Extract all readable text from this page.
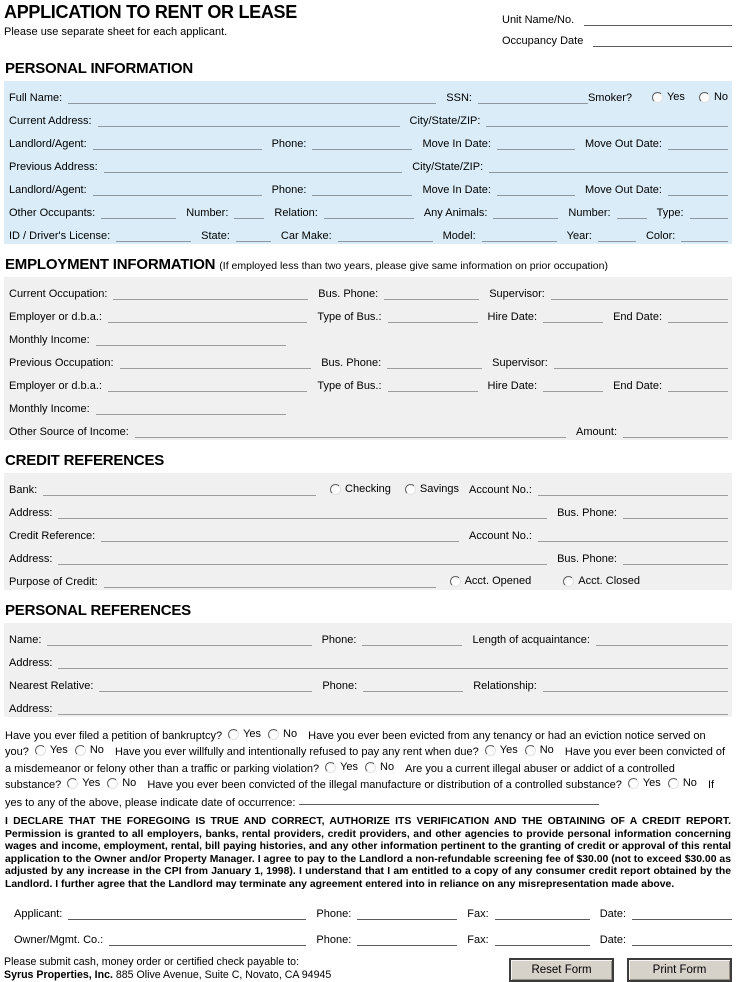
APPLICATION TO RENT OR LEASE

Please use separate sheet for each applicant.

Unit Name/No.
Occupancy Date
PERSONAL INFORMATION
Full Name:	SSN:	Smoker?	Yes	No
Current Address:	City/State/ZIP:
Landlord/Agent:	Phone:	Move In Date:	Move Out Date:
Previous Address:	City/State/ZIP:
Landlord/Agent:	Phone:	Move In Date:	Move Out Date:
Other Occupants:	Number:	Relation:	Any Animals:	Number:	Type:
ID / Driver's License:	State:	Car Make:	Model:	Year:	Color:
EMPLOYMENT INFORMATION (If employed less than two years, please give same information on prior occupation)
Current Occupation:	Bus. Phone:	Supervisor:
Employer or d.b.a.:	Type of Bus.:	Hire Date:	End Date:
Monthly Income:
Previous Occupation:	Bus. Phone:	Supervisor:
Employer or d.b.a.:	Type of Bus.:	Hire Date:	End Date:
Monthly Income:
Other Source of Income:	Amount:
CREDIT REFERENCES
Bank:	Checking	Savings Account No.:
Address:	Bus. Phone:
Credit Reference:	Account No.:
Address:	Bus. Phone:
Purpose of Credit:	Acct. Opened	Acct. Closed
PERSONAL REFERENCES
Name:	Phone:	Length of acquaintance:
Address:
Nearest Relative:	Phone:	Relationship:
Address:

Have you ever filed a petition of bankruptcy? Yes No Have you ever been evicted from any tenancy or had an eviction notice served on you? Yes No Have you ever willfully and intentionally refused to pay any rent when due? Yes No Have you ever been convicted of a misdemeanor or felony other than a traffic or parking violation? Yes No Are you a current illegal abuser or addict of a controlled substance? Yes No Have you ever been convicted of the illegal manufacture or distribution of a controlled substance? Yes No If yes to any of the above, please indicate date of occurrence:

I DECLARE THAT THE FOREGOING IS TRUE AND CORRECT, AUTHORIZE ITS VERIFICATION AND THE OBTAINING OF A CREDIT REPORT. Permission is granted to all employers, banks, rental providers, credit providers, and other agencies to provide personal information concerning wages and income, employment, rental, bill paying histories, and any other information pertinent to the granting of credit or approval of this rental application to the Owner and/or Property Manager. I agree to pay to the Landlord a non-refundable screening fee of $30.00 (not to exceed $30.00 as adjusted by any increase in the CPI from January 1, 1998). I understand that I am entitled to a copy of any consumer credit report obtained by the Landlord. I further agree that the Landlord may terminate any agreement entered into in reliance on any misrepresentation made above.

Applicant:	Phone:	Fax:	Date:
Owner/Mgmt. Co.:	Phone:	Fax:	Date:

Please submit cash, money order or certified check payable to:

Syrus Properties, Inc. 885 Olive Avenue, Suite C, Novato, CA 94945	Reset Form	Print Form
